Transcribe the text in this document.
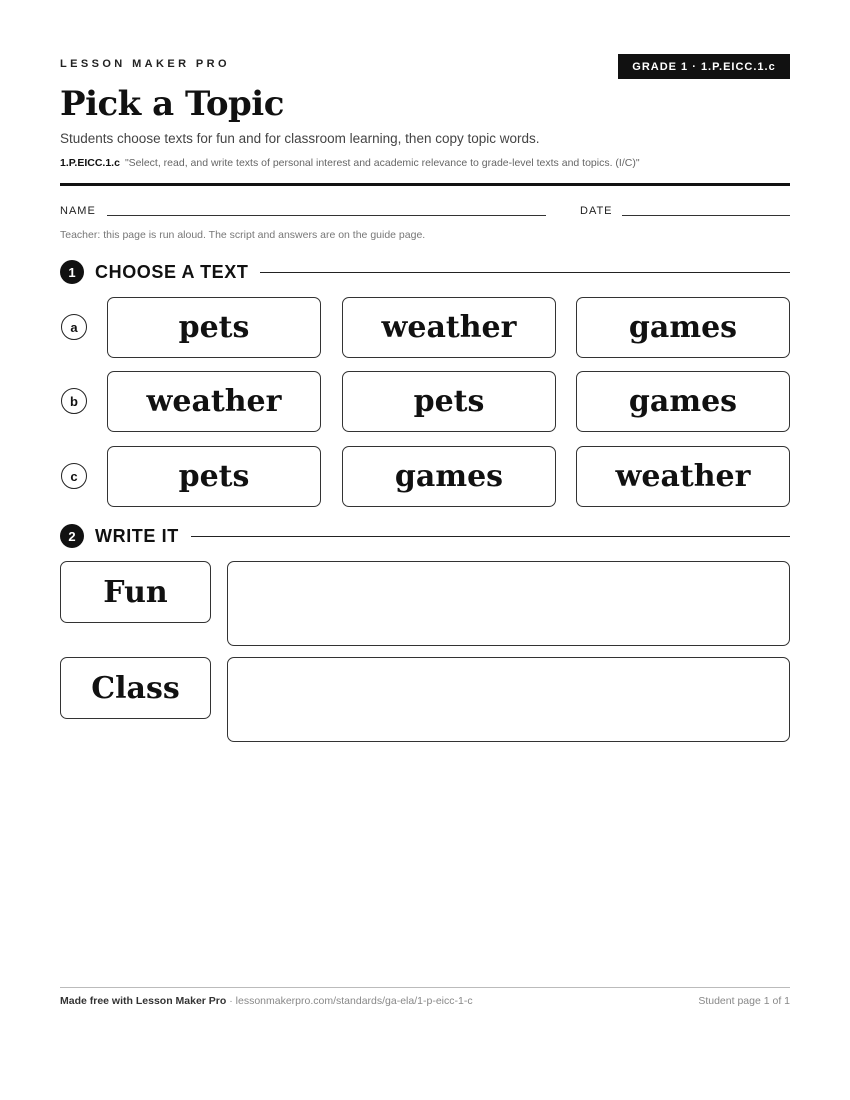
LESSON MAKER PRO	GRADE 1 · 1.P.EICC.1.c
Pick a Topic
Students choose texts for fun and for classroom learning, then copy topic words.
1.P.EICC.1.c "Select, read, and write texts of personal interest and academic relevance to grade-level texts and topics. (I/C)"
NAME	DATE
Teacher: this page is run aloud. The script and answers are on the guide page.
1	CHOOSE A TEXT
a	pets	weather	games
b	weather	pets	games
c	pets	games	weather
2	WRITE IT
Fun
Class
Made free with Lesson Maker Pro · lessonmakerpro.com/standards/ga-ela/1-p-eicc-1-c	Student page 1 of 1
